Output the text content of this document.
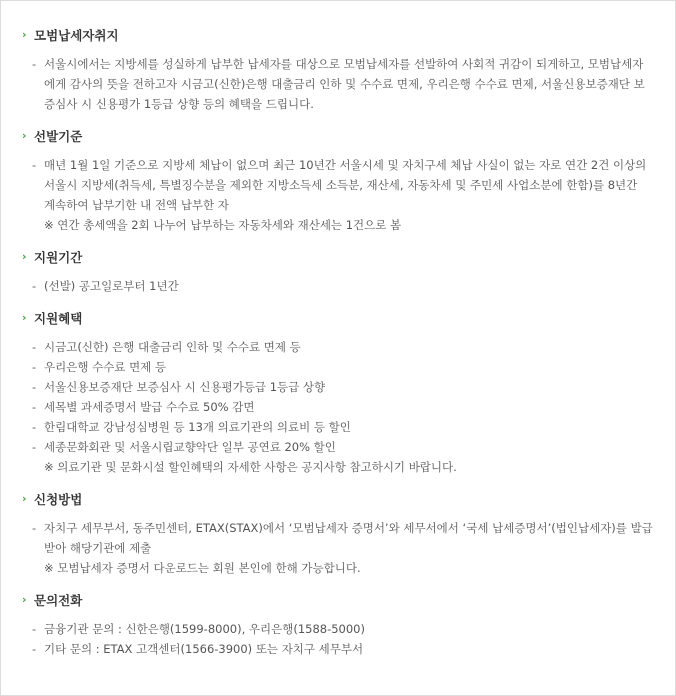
› 모범납세자취지
- 서울시에서는 지방세를 성실하게 납부한 납세자를 대상으로 모범납세자를 선발하여 사회적 귀감이 되게하고, 모범납세자
에게 감사의 뜻을 전하고자 시금고(신한)은행 대출금리 인하 및 수수료 면제, 우리은행 수수료 면제, 서울신용보증재단 보
증심사 시 신용평가 1등급 상향 등의 혜택을 드립니다.
› 선발기준
- 매년 1월 1일 기준으로 지방세 체납이 없으며 최근 10년간 서울시세 및 자치구세 체납 사실이 없는 자로 연간 2건 이상의
서울시 지방세(취득세, 특별징수분을 제외한 지방소득세 소득분, 재산세, 자동차세 및 주민세 사업소분에 한함)를 8년간
계속하여 납부기한 내 전액 납부한 자
※ 연간 총세액을 2회 나누어 납부하는 자동차세와 재산세는 1건으로 봄
› 지원기간
- (선발) 공고일로부터 1년간
› 지원혜택
- 시금고(신한) 은행 대출금리 인하 및 수수료 면제 등
- 우리은행 수수료 면제 등
- 서울신용보증재단 보증심사 시 신용평가등급 1등급 상향
- 세목별 과세증명서 발급 수수료 50% 감면
- 한림대학교 강남성심병원 등 13개 의료기관의 의료비 등 할인
- 세종문화회관 및 서울시립교향악단 일부 공연료 20% 할인
※ 의료기관 및 문화시설 할인혜택의 자세한 사항은 공지사항 참고하시기 바랍니다.
› 신청방법
- 자치구 세무부서, 동주민센터, ETAX(STAX)에서 ‘모범납세자 증명서’와 세무서에서 ‘국세 납세증명서’(법인납세자)를 발급
받아 해당기관에 제출
※ 모범납세자 증명서 다운로드는 회원 본인에 한해 가능합니다.
› 문의전화
- 금융기관 문의 : 신한은행(1599-8000), 우리은행(1588-5000)
- 기타 문의 : ETAX 고객센터(1566-3900) 또는 자치구 세무부서
